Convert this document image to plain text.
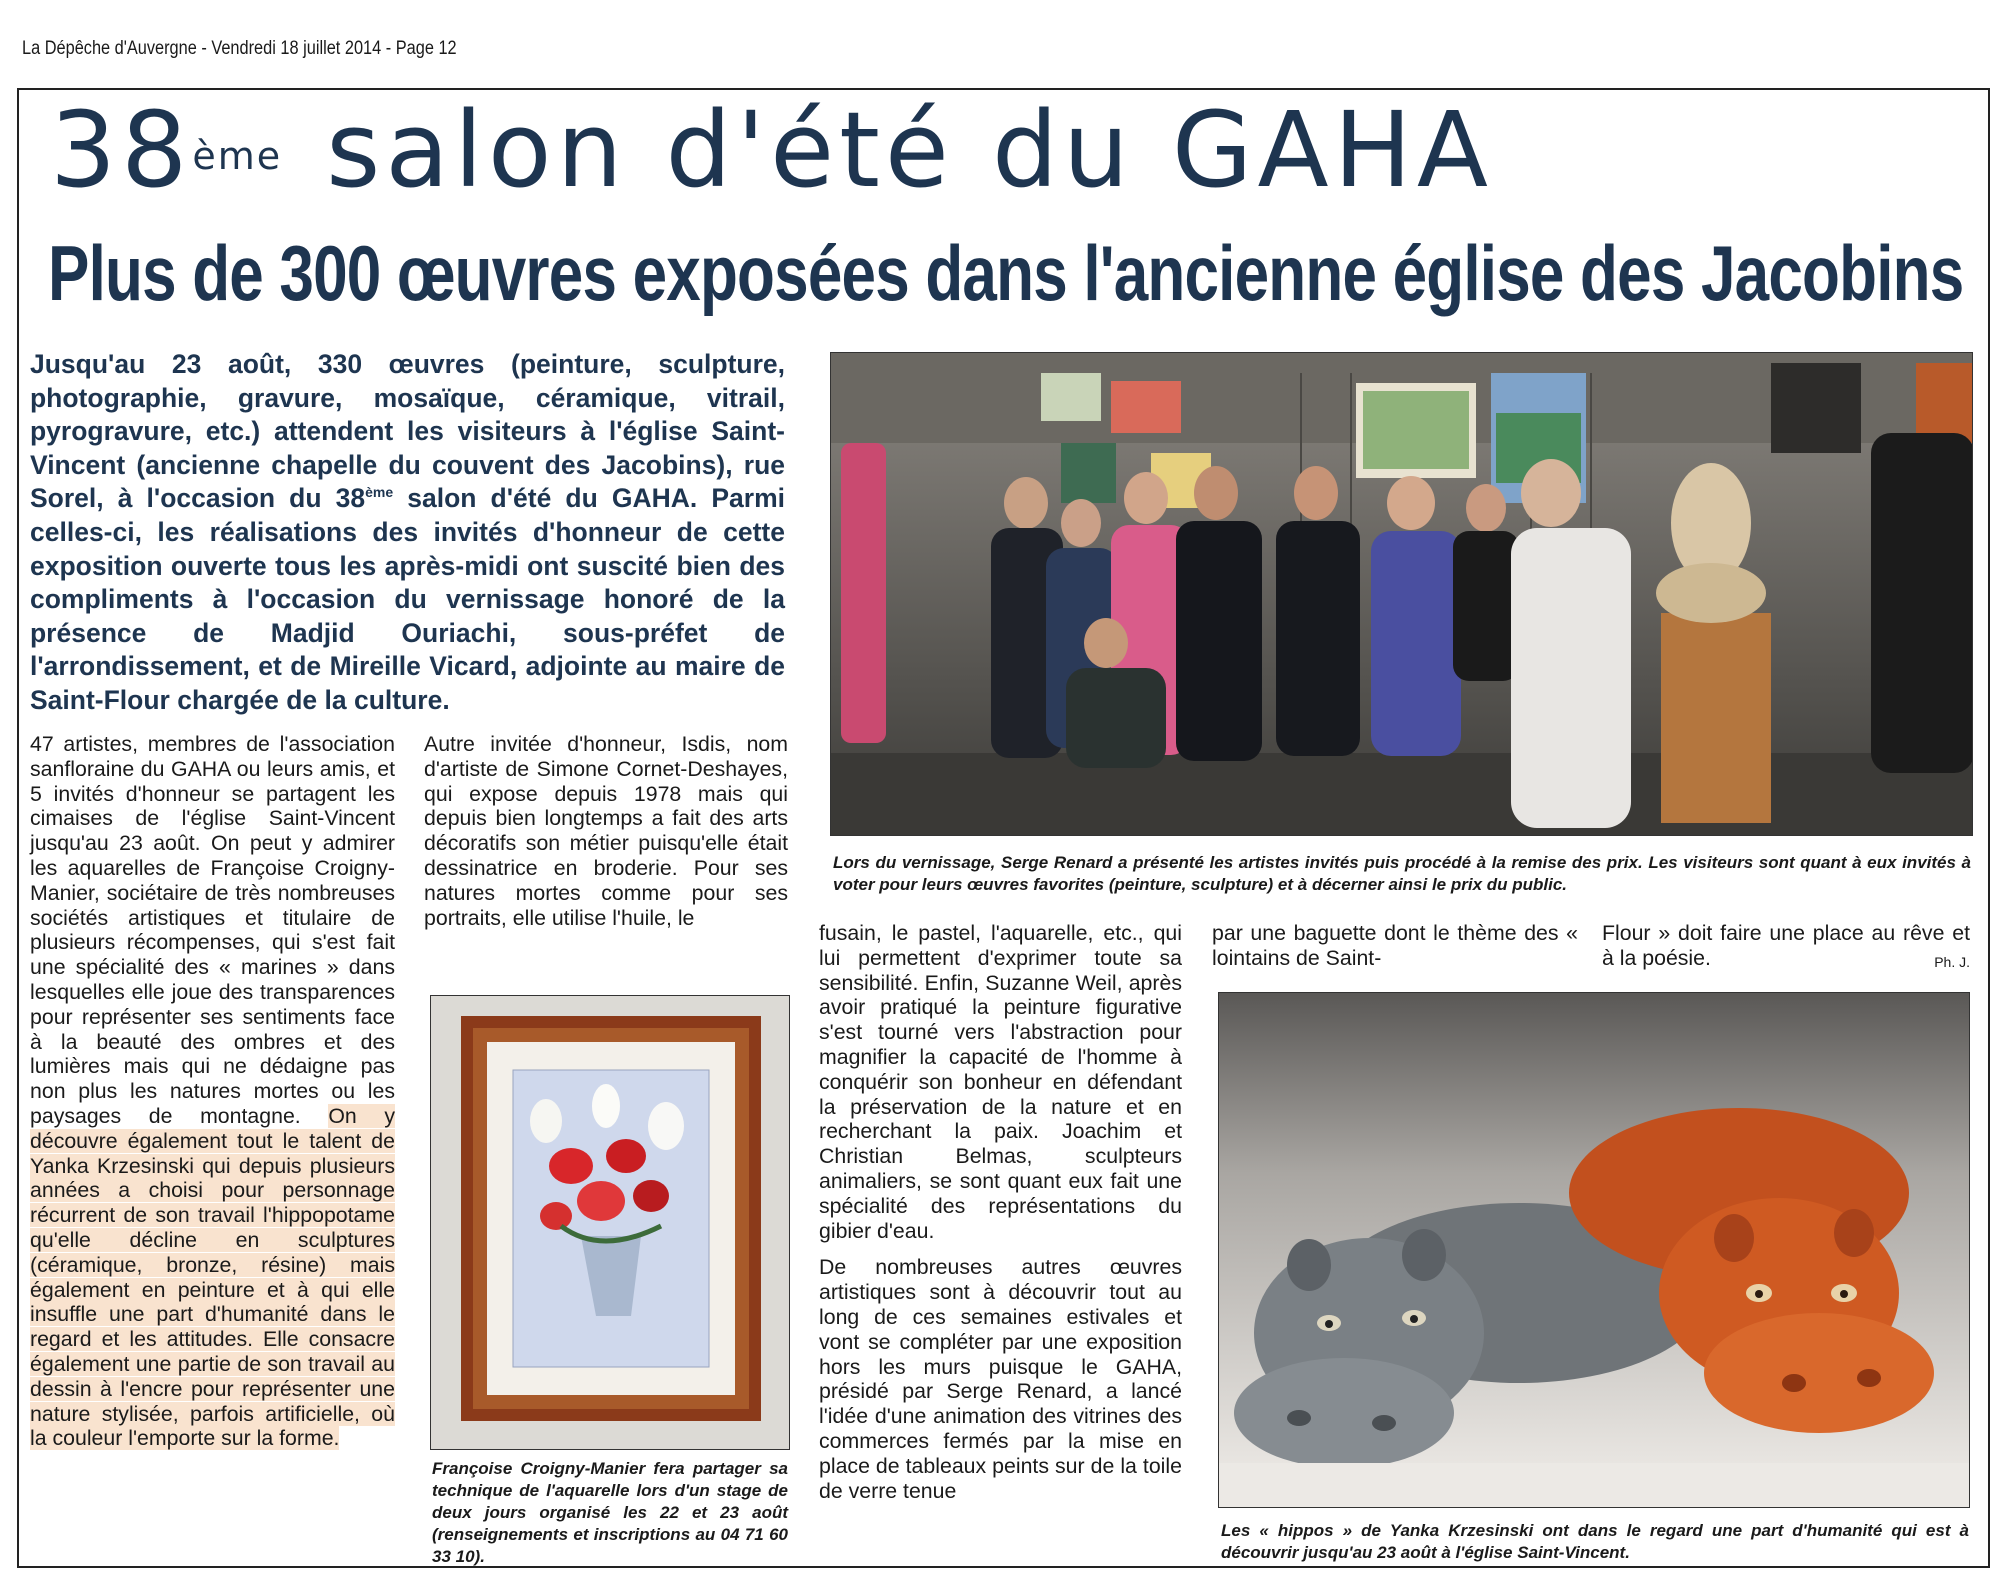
La Dépêche d'Auvergne - Vendredi 18 juillet 2014 - Page 12
38ème salon d'été du GAHA
Plus de 300 œuvres exposées dans l'ancienne église des Jacobins
Jusqu'au 23 août, 330 œuvres (peinture, sculpture, photographie, gravure, mosaïque, céramique, vitrail, pyrogravure, etc.) attendent les visiteurs à l'église Saint-Vincent (ancienne chapelle du couvent des Jacobins), rue Sorel, à l'occasion du 38ème salon d'été du GAHA. Parmi celles-ci, les réalisations des invités d'honneur de cette exposition ouverte tous les après-midi ont suscité bien des compliments à l'occasion du vernissage honoré de la présence de Madjid Ouriachi, sous-préfet de l'arrondissement, et de Mireille Vicard, adjointe au maire de Saint-Flour chargée de la culture.
Lors du vernissage, Serge Renard a présenté les artistes invités puis procédé à la remise des prix. Les visiteurs sont quant à eux invités à voter pour leurs œuvres favorites (peinture, sculpture) et à décerner ainsi le prix du public.

47 artistes, membres de l'association sanfloraine du GAHA ou leurs amis, et 5 invités d'honneur se partagent les cimaises de l'église Saint-Vincent jusqu'au 23 août. On peut y admirer les aquarelles de Françoise Croigny-Manier, sociétaire de très nombreuses sociétés artistiques et titulaire de plusieurs récompenses, qui s'est fait une spécialité des « marines » dans lesquelles elle joue des transparences pour représenter ses sentiments face à la beauté des ombres et des lumières mais qui ne dédaigne pas non plus les natures mortes ou les paysages de montagne. On y découvre également tout le talent de Yanka Krzesinski qui depuis plusieurs années a choisi pour personnage récurrent de son travail l'hippopotame qu'elle décline en sculptures (céramique, bronze, résine) mais également en peinture et à qui elle insuffle une part d'humanité dans le regard et les attitudes. Elle consacre également une partie de son travail au dessin à l'encre pour représenter une nature stylisée, parfois artificielle, où la couleur l'emporte sur la forme.

Autre invitée d'honneur, Isdis, nom d'artiste de Simone Cornet-Deshayes, qui expose depuis 1978 mais qui depuis bien longtemps a fait des arts décoratifs son métier puisqu'elle était dessinatrice en broderie. Pour ses natures mortes comme pour ses portraits, elle utilise l'huile, le

Françoise Croigny-Manier fera partager sa technique de l'aquarelle lors d'un stage de deux jours organisé les 22 et 23 août (renseignements et inscriptions au 04 71 60 33 10).

fusain, le pastel, l'aquarelle, etc., qui lui permettent d'exprimer toute sa sensibilité. Enfin, Suzanne Weil, après avoir pratiqué la peinture figurative s'est tourné vers l'abstraction pour magnifier la capacité de l'homme à conquérir son bonheur en défendant la préservation de la nature et en recherchant la paix. Joachim et Christian Belmas, sculpteurs animaliers, se sont quant eux fait une spécialité des représentations du gibier d'eau.

De nombreuses autres œuvres artistiques sont à découvrir tout au long de ces semaines estivales et vont se compléter par une exposition hors les murs puisque le GAHA, présidé par Serge Renard, a lancé l'idée d'une animation des vitrines des commerces fermés par la mise en place de tableaux peints sur de la toile de verre tenue

par une baguette dont le thème des « lointains de Saint-

Flour » doit faire une place au rêve et à la poésie.	Ph. J.

Les « hippos » de Yanka Krzesinski ont dans le regard une part d'humanité qui est à découvrir jusqu'au 23 août à l'église Saint-Vincent.
